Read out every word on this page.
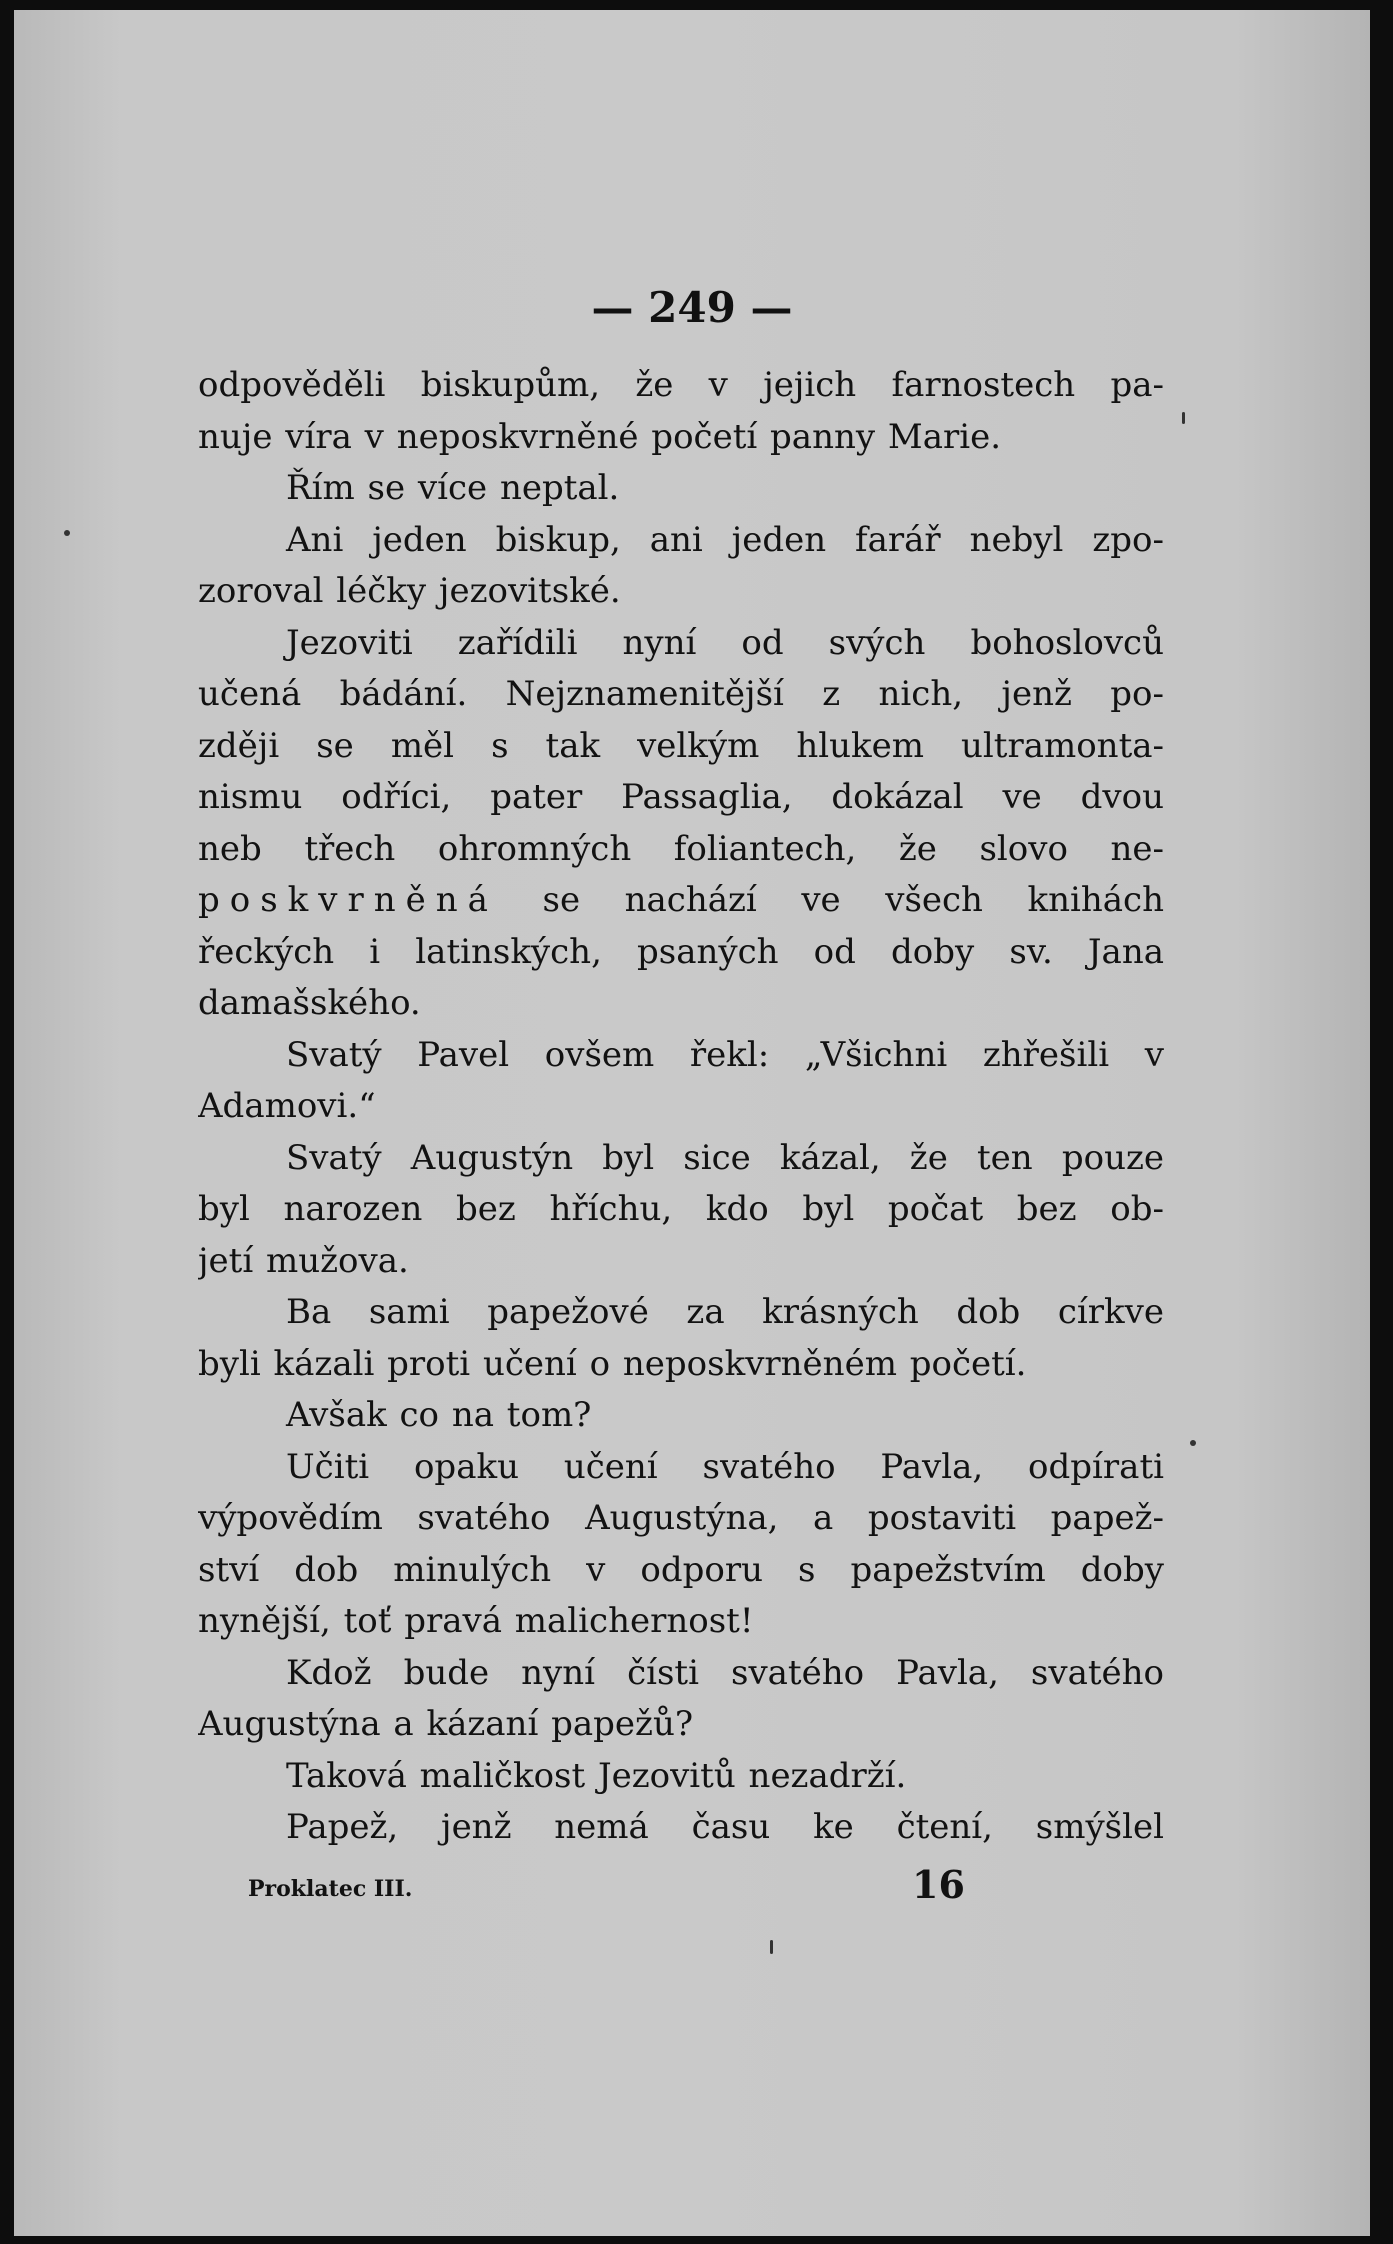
— 249 —
odpověděli biskupům, že v jejich farnostech pa-
nuje víra v neposkvrněné početí panny Marie.
Řím se více neptal.
Ani jeden biskup, ani jeden farář nebyl zpo-
zoroval léčky jezovitské.
Jezoviti zařídili nyní od svých bohoslovců
učená bádání. Nejznamenitější z nich, jenž po-
zději se měl s tak velkým hlukem ultramonta-
nismu odříci, pater Passaglia, dokázal ve dvou
neb třech ohromných foliantech, že slovo ne-
poskvrněná se nachází ve všech knihách
řeckých i latinských, psaných od doby sv. Jana
damašského.
Svatý Pavel ovšem řekl: „Všichni zhřešili v
Adamovi.“
Svatý Augustýn byl sice kázal, že ten pouze
byl narozen bez hříchu, kdo byl počat bez ob-
jetí mužova.
Ba sami papežové za krásných dob církve
byli kázali proti učení o neposkvrněném početí.
Avšak co na tom?
Učiti opaku učení svatého Pavla, odpírati
výpovědím svatého Augustýna, a postaviti papež-
ství dob minulých v odporu s papežstvím doby
nynější, toť pravá malichernost!
Kdož bude nyní čísti svatého Pavla, svatého
Augustýna a kázaní papežů?
Taková maličkost Jezovitů nezadrží.
Papež, jenž nemá času ke čtení, smýšlel
Proklatec III.	16
